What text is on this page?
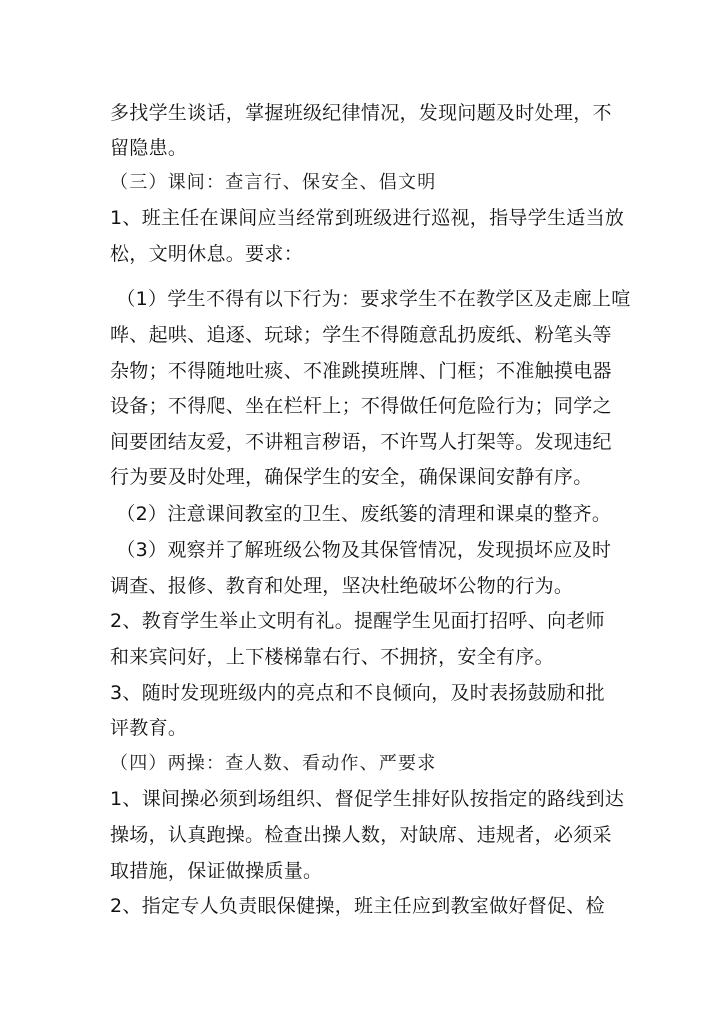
多找学生谈话，掌握班级纪律情况，发现问题及时处理，不
留隐患。
（三）课间：查言行、保安全、倡文明
1、班主任在课间应当经常到班级进行巡视，指导学生适当放
松，文明休息。要求：
（1）学生不得有以下行为：要求学生不在教学区及走廊上喧
哗、起哄、追逐、玩球；学生不得随意乱扔废纸、粉笔头等
杂物；不得随地吐痰、不准跳摸班牌、门框；不准触摸电器
设备；不得爬、坐在栏杆上；不得做任何危险行为；同学之
间要团结友爱，不讲粗言秽语，不许骂人打架等。发现违纪
行为要及时处理，确保学生的安全，确保课间安静有序。
（2）注意课间教室的卫生、废纸篓的清理和课桌的整齐。
（3）观察并了解班级公物及其保管情况，发现损坏应及时
调查、报修、教育和处理，坚决杜绝破坏公物的行为。
2、教育学生举止文明有礼。提醒学生见面打招呼、向老师
和来宾问好，上下楼梯靠右行、不拥挤，安全有序。
3、随时发现班级内的亮点和不良倾向，及时表扬鼓励和批
评教育。
（四）两操：查人数、看动作、严要求
1、课间操必须到场组织、督促学生排好队按指定的路线到达
操场，认真跑操。检查出操人数，对缺席、违规者，必须采
取措施，保证做操质量。
2、指定专人负责眼保健操，班主任应到教室做好督促、检
